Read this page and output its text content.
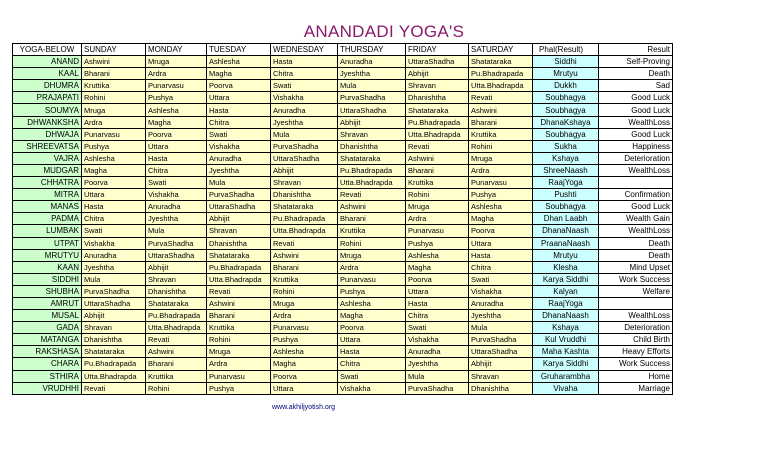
ANANDADI YOGA'S
YOGA-BELOW	SUNDAY	MONDAY	TUESDAY	WEDNESDAY	THURSDAY	FRIDAY	SATURDAY	Phal(Result)	Result
ANAND	Ashwini	Mruga	Ashlesha	Hasta	Anuradha	UttaraShadha	Shatataraka	Siddhi	Self-Proving
KAAL	Bharani	Ardra	Magha	Chitra	Jyeshtha	Abhijit	Pu.Bhadrapada	Mrutyu	Death
DHUMRA	Kruttika	Punarvasu	Poorva	Swati	Mula	Shravan	Utta.Bhadrapda	Dukkh	Sad
PRAJAPATI	Rohini	Pushya	Uttara	Vishakha	PurvaShadha	Dhanishtha	Revati	Soubhagya	Good Luck
SOUMYA	Mruga	Ashlesha	Hasta	Anuradha	UttaraShadha	Shatataraka	Ashwini	Soubhagya	Good Luck
DHWANKSHA	Ardra	Magha	Chitra	Jyeshtha	Abhijit	Pu.Bhadrapada	Bharani	DhanaKshaya	WealthLoss
DHWAJA	Punarvasu	Poorva	Swati	Mula	Shravan	Utta.Bhadrapda	Kruttika	Soubhagya	Good Luck
SHREEVATSA	Pushya	Uttara	Vishakha	PurvaShadha	Dhanishtha	Revati	Rohini	Sukha	Happiness
VAJRA	Ashlesha	Hasta	Anuradha	UttaraShadha	Shatataraka	Ashwini	Mruga	Kshaya	Deterioration
MUDGAR	Magha	Chitra	Jyeshtha	Abhijit	Pu.Bhadrapada	Bharani	Ardra	ShreeNaash	WealthLoss
CHHATRA	Poorva	Swati	Mula	Shravan	Utta.Bhadrapda	Kruttika	Punarvasu	RaajYoga	
MITRA	Uttara	Vishakha	PurvaShadha	Dhanishtha	Revati	Rohini	Pushya	Pushti	Confirmation
MANAS	Hasta	Anuradha	UttaraShadha	Shatataraka	Ashwini	Mruga	Ashlesha	Soubhagya	Good Luck
PADMA	Chitra	Jyeshtha	Abhijit	Pu.Bhadrapada	Bharani	Ardra	Magha	Dhan Laabh	Wealth Gain
LUMBAK	Swati	Mula	Shravan	Utta.Bhadrapda	Kruttika	Punarvasu	Poorva	DhanaNaash	WealthLoss
UTPAT	Vishakha	PurvaShadha	Dhanishtha	Revati	Rohini	Pushya	Uttara	PraanaNaash	Death
MRUTYU	Anuradha	UttaraShadha	Shatataraka	Ashwini	Mruga	Ashlesha	Hasta	Mrutyu	Death
KAAN	Jyeshtha	Abhijit	Pu.Bhadrapada	Bharani	Ardra	Magha	Chitra	Klesha	Mind Upset
SIDDHI	Mula	Shravan	Utta.Bhadrapda	Kruttika	Punarvasu	Poorva	Swati	Karya Siddhi	Work Success
SHUBHA	PurvaShadha	Dhanishtha	Revati	Rohini	Pushya	Uttara	Vishakha	Kalyan	Welfare
AMRUT	UttaraShadha	Shatataraka	Ashwini	Mruga	Ashlesha	Hasta	Anuradha	RaajYoga	
MUSAL	Abhijit	Pu.Bhadrapada	Bharani	Ardra	Magha	Chitra	Jyeshtha	DhanaNaash	WealthLoss
GADA	Shravan	Utta.Bhadrapda	Kruttika	Punarvasu	Poorva	Swati	Mula	Kshaya	Deterioration
MATANGA	Dhanishtha	Revati	Rohini	Pushya	Uttara	Vishakha	PurvaShadha	Kul Vruddhi	Child Birth
RAKSHASA	Shatataraka	Ashwini	Mruga	Ashlesha	Hasta	Anuradha	UttaraShadha	Maha Kashta	Heavy Efforts
CHARA	Pu.Bhadrapada	Bharani	Ardra	Magha	Chitra	Jyeshtha	Abhijit	Karya Siddhi	Work Success
STHIRA	Utta.Bhadrapda	Kruttika	Punarvasu	Poorva	Swati	Mula	Shravan	Gruharambha	Home
VRUDHHI	Revati	Rohini	Pushya	Uttara	Vishakha	PurvaShadha	Dhanishtha	Vivaha	Marriage
www.akhiljyotish.org
